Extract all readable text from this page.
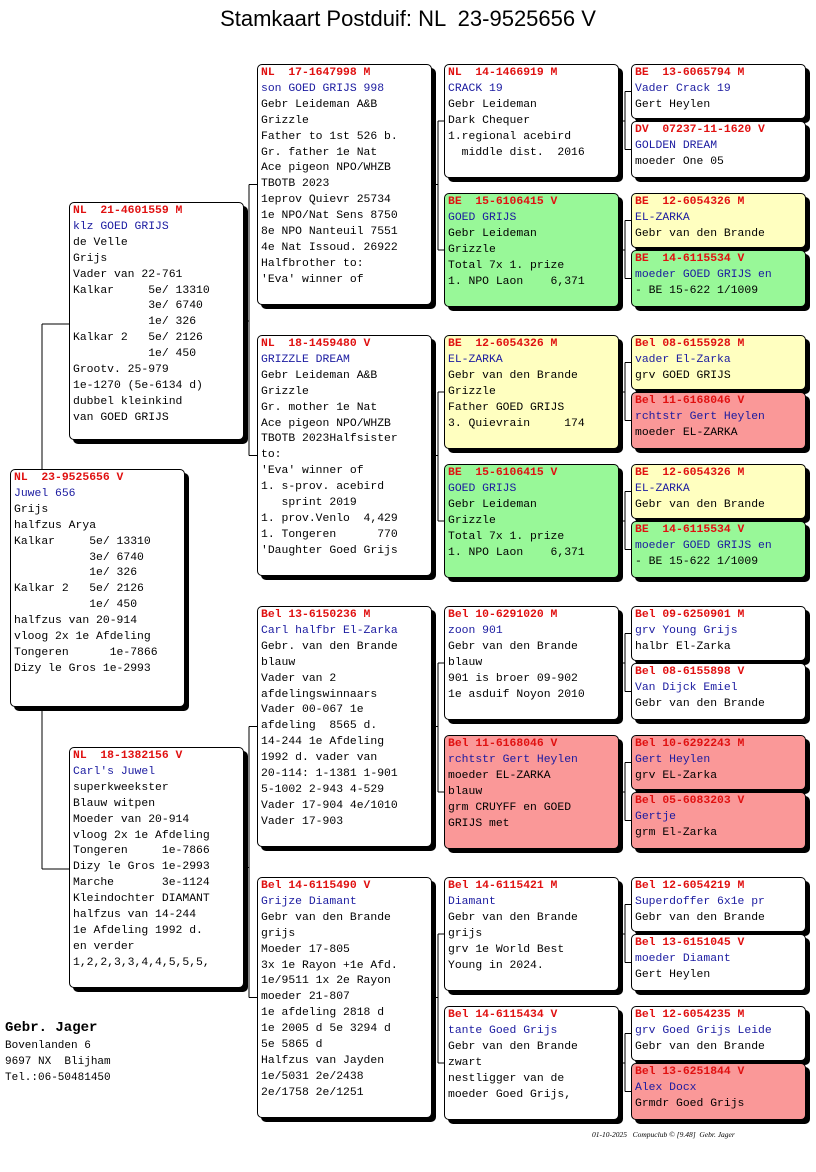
Stamkaart Postduif: NL  23-9525656 V
NL  23-9525656 V
Juwel 656
Grijs
halfzus Arya
Kalkar     5e/ 13310
3e/ 6740
1e/ 326
Kalkar 2   5e/ 2126
1e/ 450
halfzus van 20-914
vloog 2x 1e Afdeling
Tongeren      1e-7866
Dizy le Gros 1e-2993
NL  21-4601559 M
klz GOED GRIJS
de Velle
Grijs
Vader van 22-761
Kalkar     5e/ 13310
3e/ 6740
1e/ 326
Kalkar 2   5e/ 2126
1e/ 450
Grootv. 25-979
1e-1270 (5e-6134 d)
dubbel kleinkind
van GOED GRIJS
NL  18-1382156 V
Carl's Juwel
superkweekster
Blauw witpen
Moeder van 20-914
vloog 2x 1e Afdeling
Tongeren     1e-7866
Dizy le Gros 1e-2993
Marche       3e-1124
Kleindochter DIAMANT
halfzus van 14-244
1e Afdeling 1992 d.
en verder
1,2,2,3,3,4,4,5,5,5,
NL  17-1647998 M
son GOED GRIJS 998
Gebr Leideman A&B
Grizzle
Father to 1st 526 b.
Gr. father 1e Nat
Ace pigeon NPO/WHZB
TBOTB 2023
1eprov Quievr 25734
1e NPO/Nat Sens 8750
8e NPO Nanteuil 7551
4e Nat Issoud. 26922
Halfbrother to:
'Eva' winner of
NL  18-1459480 V
GRIZZLE DREAM
Gebr Leideman A&B
Grizzle
Gr. mother 1e Nat
Ace pigeon NPO/WHZB
TBOTB 2023Halfsister
to:
'Eva' winner of
1. s-prov. acebird
sprint 2019
1. prov.Venlo  4,429
1. Tongeren      770
'Daughter Goed Grijs
Bel 13-6150236 M
Carl halfbr El-Zarka
Gebr. van den Brande
blauw
Vader van 2
afdelingswinnaars
Vader 00-067 1e
afdeling  8565 d.
14-244 1e Afdeling
1992 d. vader van
20-114: 1-1381 1-901
5-1002 2-943 4-529
Vader 17-904 4e/1010
Vader 17-903
Bel 14-6115490 V
Grijze Diamant
Gebr van den Brande
grijs
Moeder 17-805
3x 1e Rayon +1e Afd.
1e/9511 1x 2e Rayon
moeder 21-807
1e afdeling 2818 d
1e 2005 d 5e 3294 d
5e 5865 d
Halfzus van Jayden
1e/5031 2e/2438
2e/1758 2e/1251
NL  14-1466919 M
CRACK 19
Gebr Leideman
Dark Chequer
1.regional acebird
middle dist.  2016
BE  15-6106415 V
GOED GRIJS
Gebr Leideman
Grizzle
Total 7x 1. prize
1. NPO Laon    6,371
BE  12-6054326 M
EL-ZARKA
Gebr van den Brande
Grizzle
Father GOED GRIJS
3. Quievrain     174
BE  15-6106415 V
GOED GRIJS
Gebr Leideman
Grizzle
Total 7x 1. prize
1. NPO Laon    6,371
Bel 10-6291020 M
zoon 901
Gebr van den Brande
blauw
901 is broer 09-902
1e asduif Noyon 2010
Bel 11-6168046 V
rchtstr Gert Heylen
moeder EL-ZARKA
blauw
grm CRUYFF en GOED
GRIJS met
Bel 14-6115421 M
Diamant
Gebr van den Brande
grijs
grv 1e World Best
Young in 2024.
Bel 14-6115434 V
tante Goed Grijs
Gebr van den Brande
zwart
nestligger van de
moeder Goed Grijs,
BE  13-6065794 M
Vader Crack 19
Gert Heylen
DV  07237-11-1620 V
GOLDEN DREAM
moeder One 05
BE  12-6054326 M
EL-ZARKA
Gebr van den Brande
BE  14-6115534 V
moeder GOED GRIJS en
- BE 15-622 1/1009
Bel 08-6155928 M
vader El-Zarka
grv GOED GRIJS
Bel 11-6168046 V
rchtstr Gert Heylen
moeder EL-ZARKA
BE  12-6054326 M
EL-ZARKA
Gebr van den Brande
BE  14-6115534 V
moeder GOED GRIJS en
- BE 15-622 1/1009
Bel 09-6250901 M
grv Young Grijs
halbr El-Zarka
Bel 08-6155898 V
Van Dijck Emiel
Gebr van den Brande
Bel 10-6292243 M
Gert Heylen
grv EL-Zarka
Bel 05-6083203 V
Gertje
grm El-Zarka
Bel 12-6054219 M
Superdoffer 6x1e pr
Gebr van den Brande
Bel 13-6151045 V
moeder Diamant
Gert Heylen
Bel 12-6054235 M
grv Goed Grijs Leide
Gebr van den Brande
Bel 13-6251844 V
Alex Docx
Grmdr Goed Grijs
Gebr. Jager
Bovenlanden 6
9697 NX  Blijham
Tel.:06-50481450
01-10-2025   Compuclub © [9.48]  Gebr. Jager
